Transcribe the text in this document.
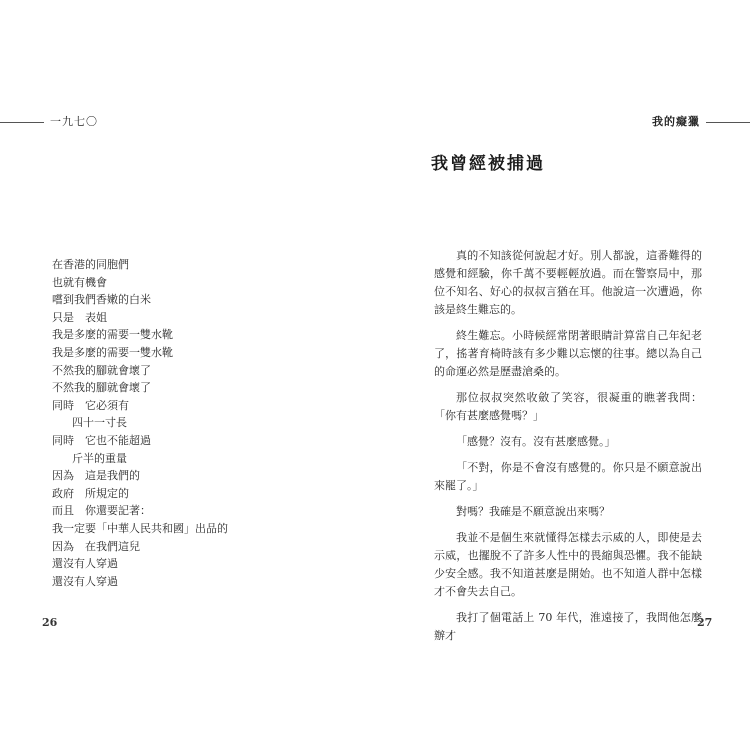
一九七〇	我的癡獵
在香港的同胞們
也就有機會
嚐到我們香嫩的白米
只是　表姐
我是多麼的需要一雙水靴
我是多麼的需要一雙水靴
不然我的腳就會壞了
不然我的腳就會壞了
同時　它必須有
四十一寸長
同時　它也不能超過
斤半的重量
因為　這是我們的
政府　所規定的
而且　你還要記著：
我一定要「中華人民共和國」出品的
因為　在我們這兒
還沒有人穿過
還沒有人穿過
我曾經被捕過

真的不知該從何說起才好。別人都說，這番難得的感覺和經驗，你千萬不要輕輕放過。而在警察局中，那位不知名、好心的叔叔言猶在耳。他說這一次遭過，你該是終生難忘的。

終生難忘。小時候經常閉著眼睛計算當自己年紀老了，搖著育椅時該有多少難以忘懷的往事。總以為自己的命運必然是歷盡滄桑的。

那位叔叔突然收斂了笑容，很凝重的瞧著我問：「你有甚麼感覺嗎？」

「感覺？沒有。沒有甚麼感覺。」

「不對，你是不會沒有感覺的。你只是不願意說出來罷了。」

對嗎？我確是不願意說出來嗎？

我並不是個生來就懂得怎樣去示威的人，即使是去示威，也擺脫不了許多人性中的畏縮與恐懼。我不能缺少安全感。我不知道甚麼是開始。也不知道人群中怎樣才不會失去自己。

我打了個電話上 70 年代，淮遠接了，我問他怎麼辦才

26	27
